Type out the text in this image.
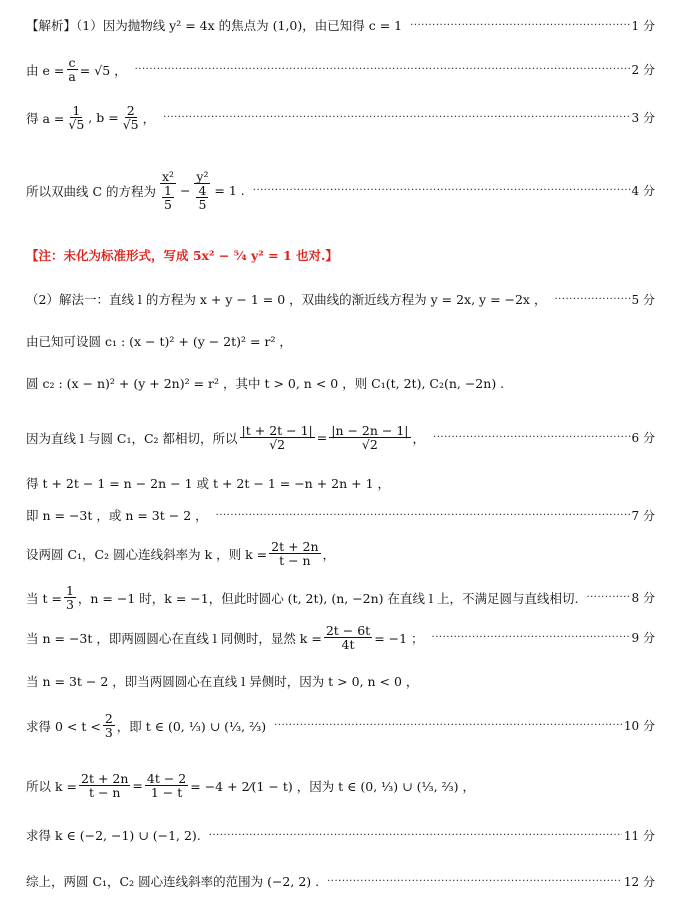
【解析】（1）因为抛物线 y² = 4x 的焦点为 (1,0)，由已知得 c = 1 ·····	1 分
由 $e = \frac{c}{a} = √5$ ， ·····	2 分
得 $a = \frac{1}{√5}$ , $b = \frac{2}{√5}$ ， ·····	3 分
所以双曲线 C 的方程为 $\frac{\text{x²}}{\frac{1}{5}} - \frac{\text{y²}}{\frac{4}{5}} = 1$ . ·····	4 分
【注：未化为标准形式，写成 5x² − ⁵⁄₄ y² = 1 也对.】
（2）解法一：直线 l 的方程为 x + y − 1 = 0 ，双曲线的渐近线方程为 y = 2x, y = −2x ， ·····	5 分
由已知可设圆 c₁ : (x − t)² + (y − 2t)² = r² ，
圆 c₂ : (x − n)² + (y + 2n)² = r² ，其中 t > 0, n < 0 ，则 C₁(t, 2t), C₂(n, −2n) .
因为直线 l 与圆 C₁，C₂ 都相切，所以 $\frac{|t + 2t - 1|}{√2} = \frac{|n - 2n - 1|}{√2}$ ， ·····	6 分
得 t + 2t − 1 = n − 2n − 1 或 t + 2t − 1 = −n + 2n + 1 ，
即 n = −3t ，或 n = 3t − 2 ， ·····	7 分
设两圆 C₁，C₂ 圆心连线斜率为 k ，则 $k = \frac{2t + 2n}{t - n}$ ，
当 $t = \frac{1}{3}$ ，n = −1 时，k = −1，但此时圆心 (t, 2t), (n, −2n) 在直线 l 上，不满足圆与直线相切. ·····	8 分
当 n = −3t ，即两圆圆心在直线 l 同侧时，显然 $k = \frac{2t - 6t}{4t} = -1$ ； ·····	9 分
当 n = 3t − 2 ，即当两圆圆心在直线 l 异侧时，因为 t > 0, n < 0 ，
求得 $0 < t < \frac{2}{3}$ ，即 t ∈ (0, ⅓) ∪ (⅓, ⅔) ·····	10 分
所以 $k = \frac{2t + 2n}{t - n} = \frac{4t - 2}{1 - t} = -4$ + 2⁄(1 − t) ，因为 t ∈ (0, ⅓) ∪ (⅓, ⅔) ，
求得 k ∈ (−2, −1) ∪ (−1, 2). ·····	11 分
综上，两圆 C₁，C₂ 圆心连线斜率的范围为 (−2, 2) . ·····	12 分
